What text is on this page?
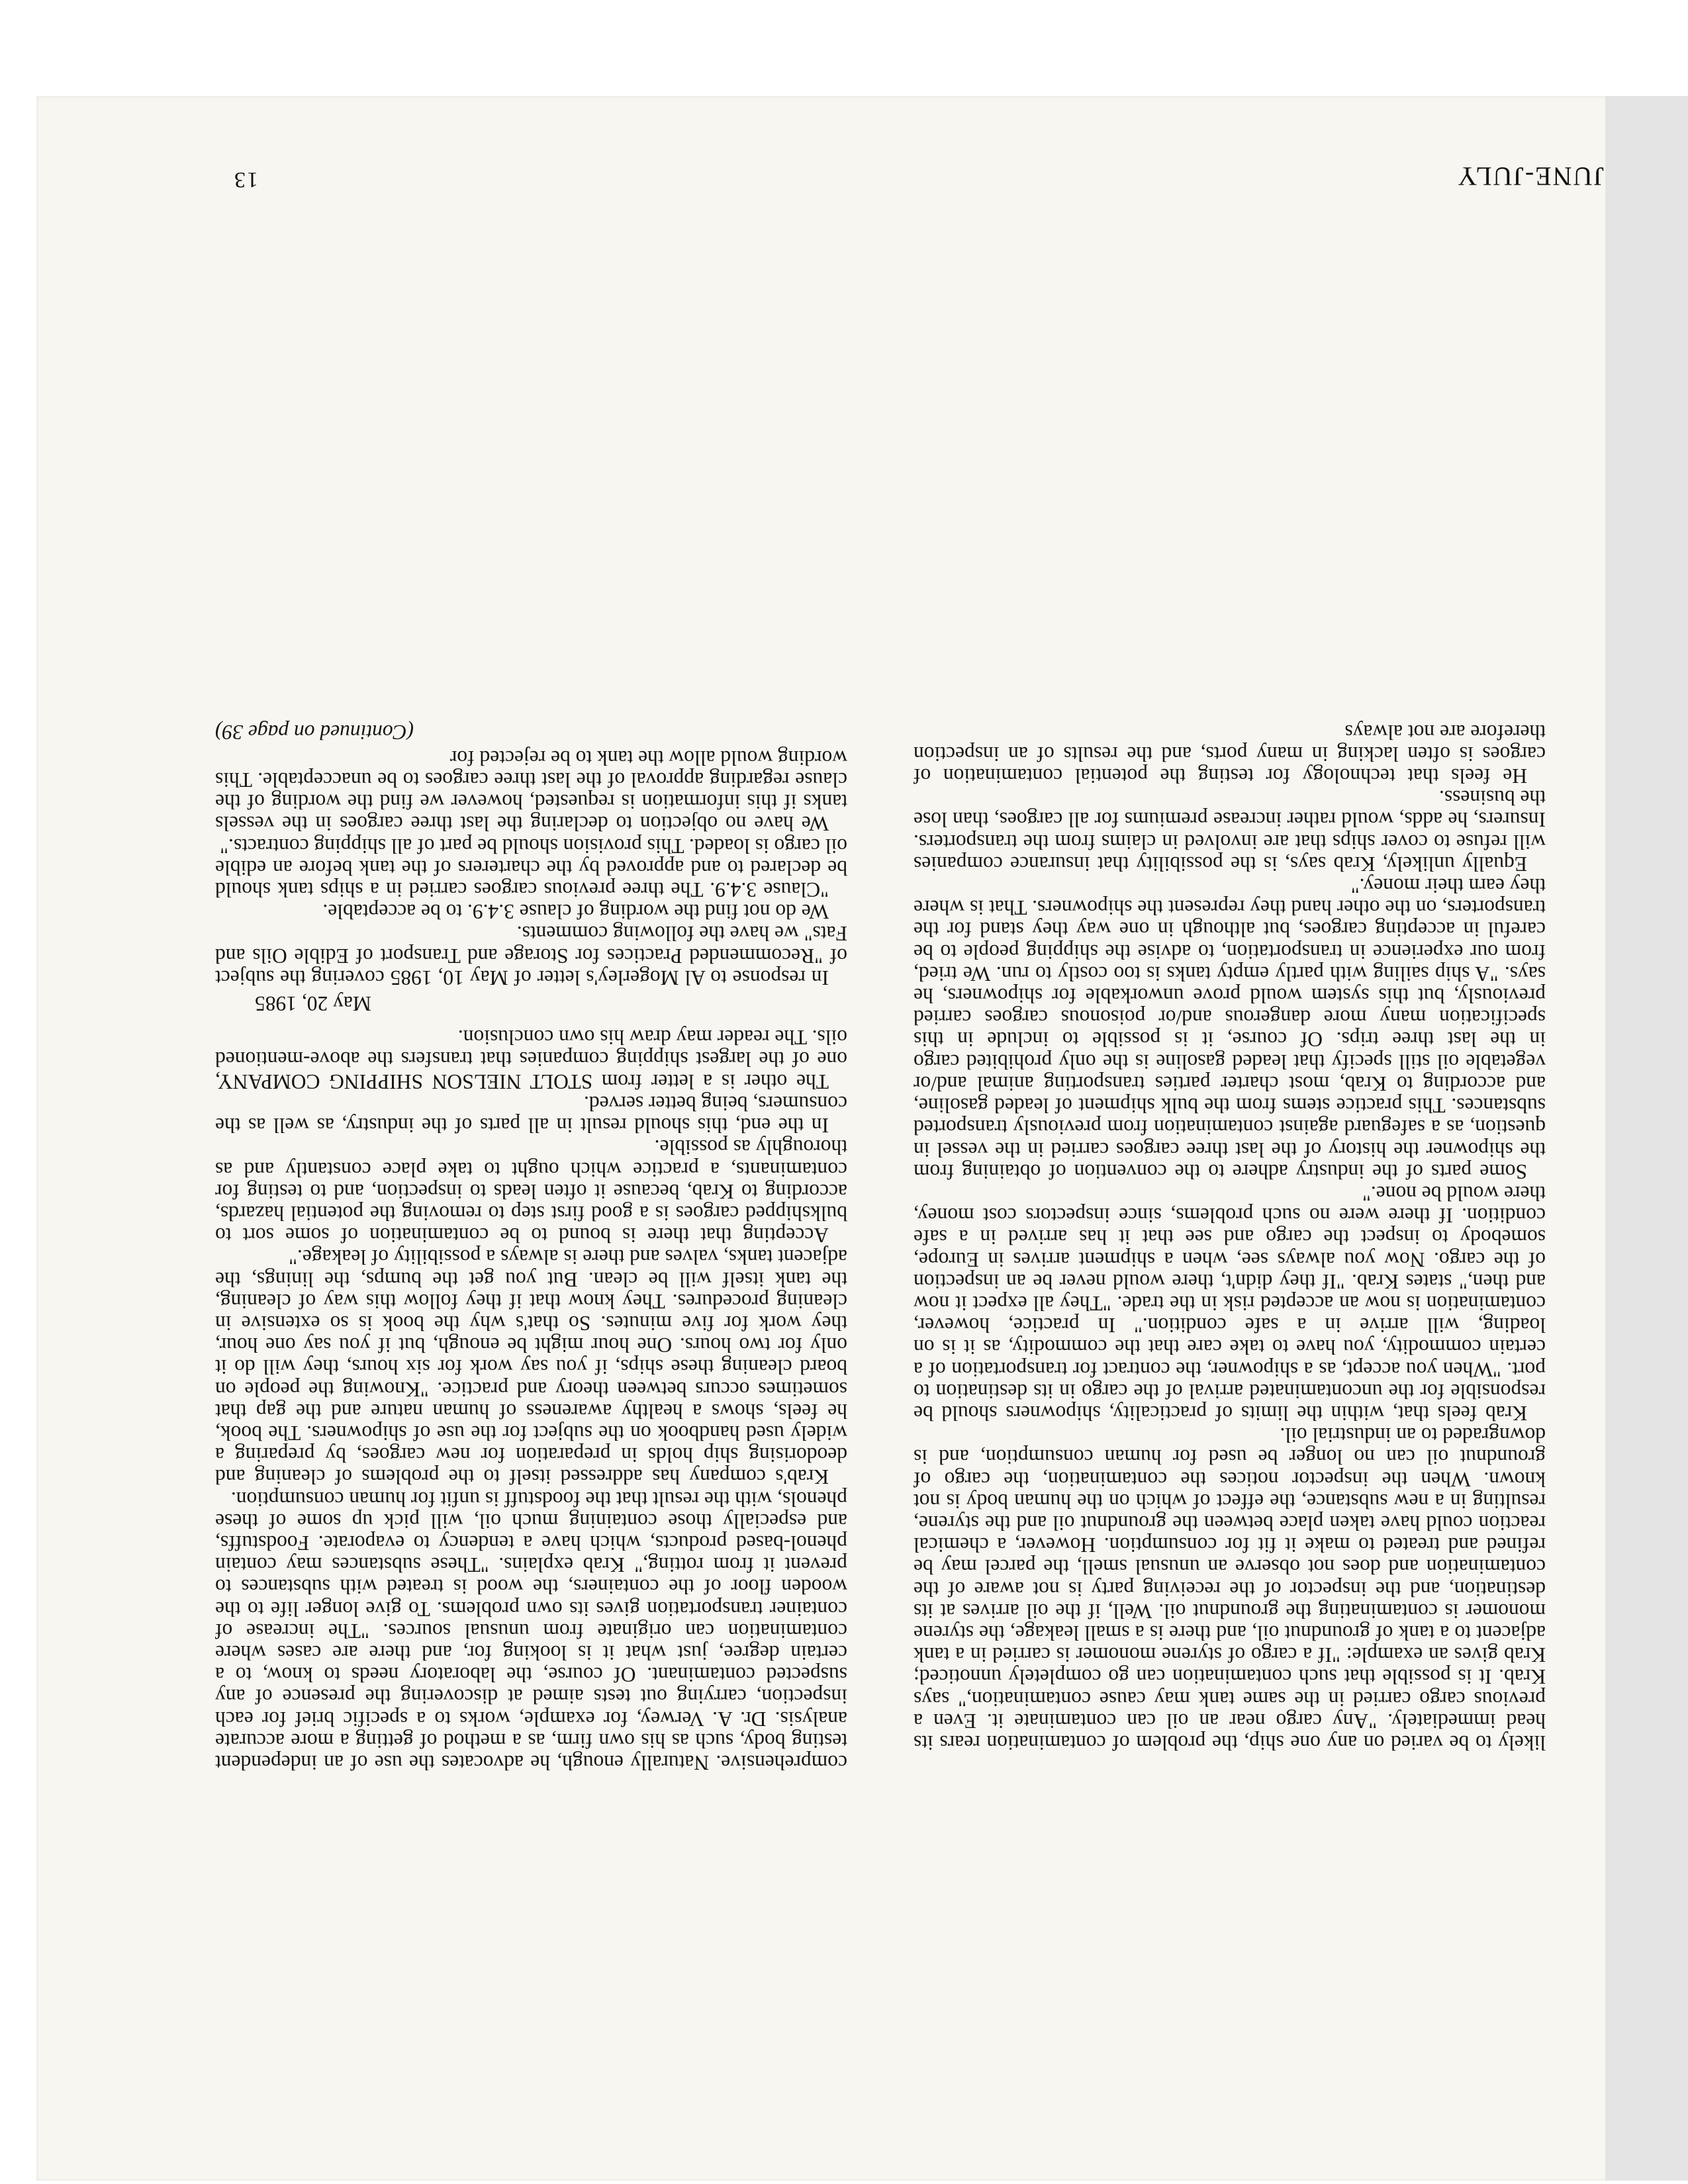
JUNE-JULY
13

likely to be varied on any one ship, the problem of contamination rears its head immediately. "Any cargo near an oil can contaminate it. Even a previous cargo carried in the same tank may cause contamination," says Krab. It is possible that such contamination can go completely unnoticed; Krab gives an example: "If a cargo of styrene monomer is carried in a tank adjacent to a tank of groundnut oil, and there is a small leakage, the styrene monomer is contaminating the groundnut oil. Well, if the oil arrives at its destination, and the inspector of the receiving party is not aware of the contamination and does not observe an unusual smell, the parcel may be refined and treated to make it fit for consumption. However, a chemical reaction could have taken place between the groundnut oil and the styrene, resulting in a new substance, the effect of which on the human body is not known. When the inspector notices the contamination, the cargo of groundnut oil can no longer be used for human consumption, and is downgraded to an industrial oil.

Krab feels that, within the limits of practicality, shipowners should be responsible for the uncontaminated arrival of the cargo in its destination to port. "When you accept, as a shipowner, the contract for transportation of a certain commodity, you have to take care that the commodity, as it is on loading, will arrive in a safe condition." In practice, however, contamination is now an accepted risk in the trade. "They all expect it now and then," states Krab. "If they didn't, there would never be an inspection of the cargo. Now you always see, when a shipment arrives in Europe, somebody to inspect the cargo and see that it has arrived in a safe condition. If there were no such problems, since inspectors cost money, there would be none."

Some parts of the industry adhere to the convention of obtaining from the shipowner the history of the last three cargoes carried in the vessel in question, as a safeguard against contamination from previously transported substances. This practice stems from the bulk shipment of leaded gasoline, and according to Krab, most charter parties transporting animal and/or vegetable oil still specify that leaded gasoline is the only prohibited cargo in the last three trips. Of course, it is possible to include in this specification many more dangerous and/or poisonous cargoes carried previously, but this system would prove unworkable for shipowners, he says. "A ship sailing with partly empty tanks is too costly to run. We tried, from our experience in transportation, to advise the shipping people to be careful in accepting cargoes, but although in one way they stand for the transporters, on the other hand they represent the shipowners. That is where they earn their money."

Equally unlikely, Krab says, is the possibility that insurance companies will refuse to cover ships that are involved in claims from the transporters. Insurers, he adds, would rather increase premiums for all cargoes, than lose the business.

He feels that technology for testing the potential contamination of cargoes is often lacking in many ports, and the results of an inspection therefore are not always

comprehensive. Naturally enough, he advocates the use of an independent testing body, such as his own firm, as a method of getting a more accurate analysis. Dr. A. Verwey, for example, works to a specific brief for each inspection, carrying out tests aimed at discovering the presence of any suspected contaminant. Of course, the laboratory needs to know, to a certain degree, just what it is looking for, and there are cases where contamination can originate from unusual sources. "The increase of container transportation gives its own problems. To give longer life to the wooden floor of the containers, the wood is treated with substances to prevent it from rotting," Krab explains. "These substances may contain phenol-based products, which have a tendency to evaporate. Foodstuffs, and especially those containing much oil, will pick up some of these phenols, with the result that the foodstuff is unfit for human consumption.

Krab's company has addressed itself to the problems of cleaning and deodorising ship holds in preparation for new cargoes, by preparing a widely used handbook on the subject for the use of shipowners. The book, he feels, shows a healthy awareness of human nature and the gap that sometimes occurs between theory and practice. "Knowing the people on board cleaning these ships, if you say work for six hours, they will do it only for two hours. One hour might be enough, but if you say one hour, they work for five minutes. So that's why the book is so extensive in cleaning procedures. They know that if they follow this way of cleaning, the tank itself will be clean. But you get the bumps, the linings, the adjacent tanks, valves and there is always a possibility of leakage."

Accepting that there is bound to be contamination of some sort to bulkshipped cargoes is a good first step to removing the potential hazards, according to Krab, because it often leads to inspection, and to testing for contaminants, a practice which ought to take place constantly and as thoroughly as possible.

In the end, this should result in all parts of the industry, as well as the consumers, being better served.

The other is a letter from STOLT NIELSON SHIPPING COMPANY, one of the largest shipping companies that transfers the above-mentioned oils. The reader may draw his own conclusion.

May 20, 1985

In response to Al Mogerley's letter of May 10, 1985 covering the subject of "Recommended Practices for Storage and Transport of Edible Oils and Fats" we have the following comments.

We do not find the wording of clause 3.4.9. to be acceptable.

"Clause 3.4.9. The three previous cargoes carried in a ships tank should be declared to and approved by the charterers of the tank before an edible oil cargo is loaded. This provision should be part of all shipping contracts."

We have no objection to declaring the last three cargoes in the vessels tanks if this information is requested, however we find the wording of the clause regarding approval of the last three cargoes to be unacceptable. This wording would allow the tank to be rejected for

(Continued on page 39)
